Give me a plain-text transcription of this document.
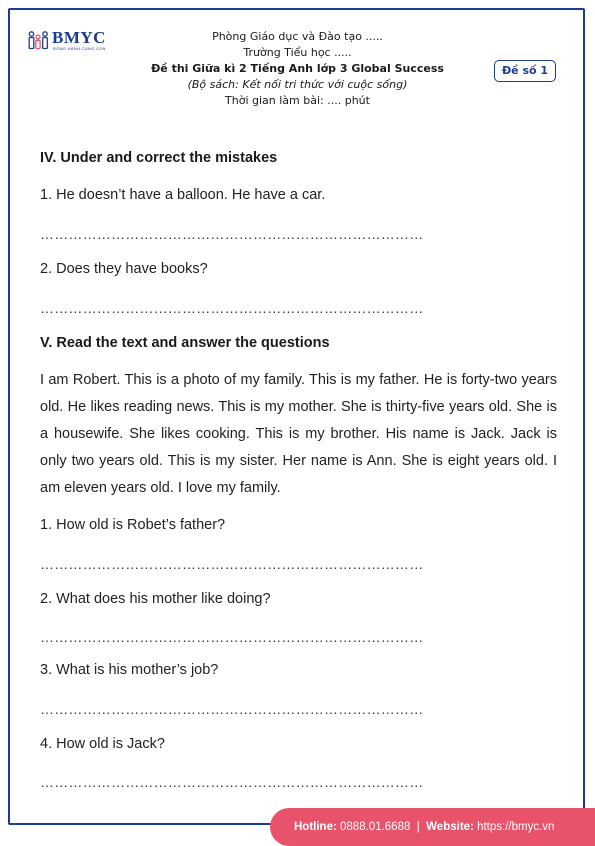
BMYC
ĐỒNG HÀNH CÙNG CON
Phòng Giáo dục và Đào tạo .....
Trường Tiểu học .....
Đề thi Giữa kì 2 Tiếng Anh lớp 3 Global Success
(Bộ sách: Kết nối tri thức với cuộc sống)
Thời gian làm bài: .... phút
Đề số 1

IV. Under and correct the mistakes

1. He doesn’t have a balloon. He have a car.

………………………………………………………………………

2. Does they have books?

………………………………………………………………………

V. Read the text and answer the questions

I am Robert. This is a photo of my family. This is my father. He is forty-two years old. He likes reading news. This is my mother. She is thirty-five years old. She is a housewife. She likes cooking. This is my brother. His name is Jack. Jack is only two years old. This is my sister. Her name is Ann. She is eight years old. I am eleven years old. I love my family.

1. How old is Robet’s father?

………………………………………………………………………

2. What does his mother like doing?

………………………………………………………………………

3. What is his mother’s job?

………………………………………………………………………

4. How old is Jack?

………………………………………………………………………
Hotline: 0888.01.6688 | Website: https://bmyc.vn
